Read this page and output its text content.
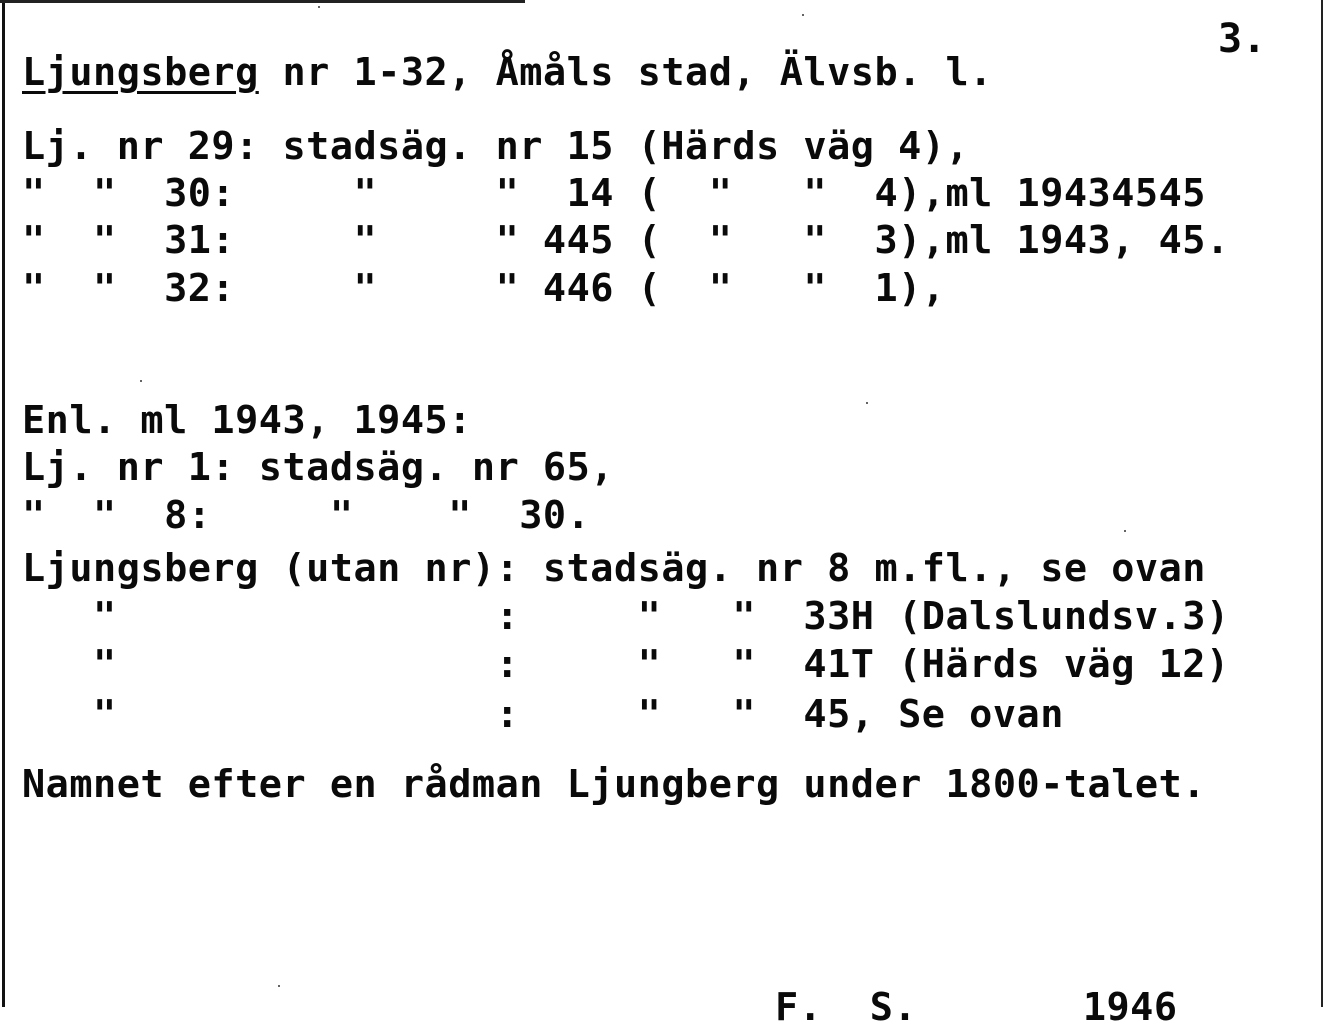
3.
Ljungsberg nr 1-32, Åmåls stad, Älvsb. l.
Lj. nr 29: stadsäg. nr 15 (Härds väg 4),
"  "  30:     "     "  14 (  "   "  4),ml 19434545
"  "  31:     "     " 445 (  "   "  3),ml 1943, 45.
"  "  32:     "     " 446 (  "   "  1),
Enl. ml 1943, 1945:
Lj. nr 1: stadsäg. nr 65,
"  "  8:     "    "  30.
Ljungsberg (utan nr): stadsäg. nr 8 m.fl., se ovan
"                :     "   "  33H (Dalslundsv.3)
"                :     "   "  41T (Härds väg 12)
"                :     "   "  45, Se ovan
Namnet efter en rådman Ljungberg under 1800-talet.
F.  S.       1946
